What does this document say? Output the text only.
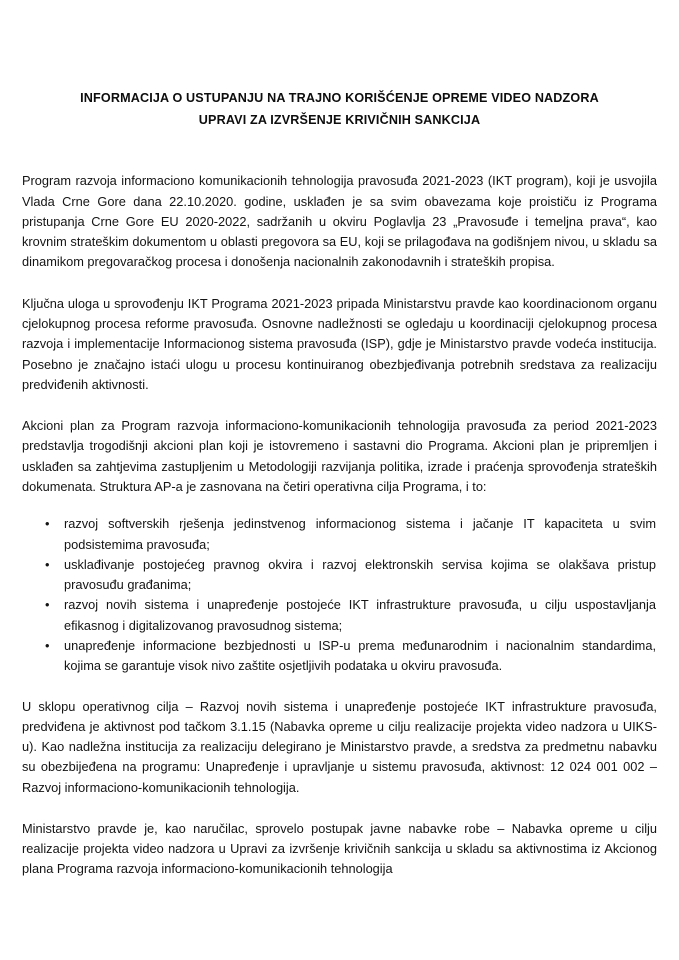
INFORMACIJA O USTUPANJU NA TRAJNO KORIŠĆENJE OPREME VIDEO NADZORA
UPRAVI ZA IZVRŠENJE KRIVIČNIH SANKCIJA

Program razvoja informaciono komunikacionih tehnologija pravosuđa 2021-2023 (IKT program), koji je usvojila Vlada Crne Gore dana 22.10.2020. godine, usklađen je sa svim obavezama koje proističu iz Programa pristupanja Crne Gore EU 2020-2022, sadržanih u okviru Poglavlja 23 „Pravosuđe i temeljna prava“, kao krovnim strateškim dokumentom u oblasti pregovora sa EU, koji se prilagođava na godišnjem nivou, u skladu sa dinamikom pregovaračkog procesa i donošenja nacionalnih zakonodavnih i strateških propisa.

Ključna uloga u sprovođenju IKT Programa 2021-2023 pripada Ministarstvu pravde kao koordinacionom organu cjelokupnog procesa reforme pravosuđa. Osnovne nadležnosti se ogledaju u koordinaciji cjelokupnog procesa razvoja i implementacije Informacionog sistema pravosuđa (ISP), gdje je Ministarstvo pravde vodeća institucija. Posebno je značajno istaći ulogu u procesu kontinuiranog obezbjeđivanja potrebnih sredstava za realizaciju predviđenih aktivnosti.

Akcioni plan za Program razvoja informaciono-komunikacionih tehnologija pravosuđa za period 2021-2023 predstavlja trogodišnji akcioni plan koji je istovremeno i sastavni dio Programa. Akcioni plan je pripremljen i usklađen sa zahtjevima zastupljenim u Metodologiji razvijanja politika, izrade i praćenja sprovođenja strateških dokumenata. Struktura AP-a je zasnovana na četiri operativna cilja Programa, i to:

•	razvoj softverskih rješenja jedinstvenog informacionog sistema i jačanje IT kapaciteta u svim podsistemima pravosuđa;
•	usklađivanje postojećeg pravnog okvira i razvoj elektronskih servisa kojima se olakšava pristup pravosuđu građanima;
•	razvoj novih sistema i unapređenje postojeće IKT infrastrukture pravosuđa, u cilju uspostavljanja efikasnog i digitalizovanog pravosudnog sistema;
•	unapređenje informacione bezbjednosti u ISP-u prema međunarodnim i nacionalnim standardima, kojima se garantuje visok nivo zaštite osjetljivih podataka u okviru pravosuđa.

U sklopu operativnog cilja – Razvoj novih sistema i unapređenje postojeće IKT infrastrukture pravosuđa, predviđena je aktivnost pod tačkom 3.1.15 (Nabavka opreme u cilju realizacije projekta video nadzora u UIKS-u). Kao nadležna institucija za realizaciju delegirano je Ministarstvo pravde, a sredstva za predmetnu nabavku su obezbijeđena na programu: Unapređenje i upravljanje u sistemu pravosuđa, aktivnost: 12 024 001 002 – Razvoj informaciono-komunikacionih tehnologija.

Ministarstvo pravde je, kao naručilac, sprovelo postupak javne nabavke robe – Nabavka opreme u cilju realizacije projekta video nadzora u Upravi za izvršenje krivičnih sankcija u skladu sa aktivnostima iz Akcionog plana Programa razvoja informaciono-komunikacionih tehnologija
